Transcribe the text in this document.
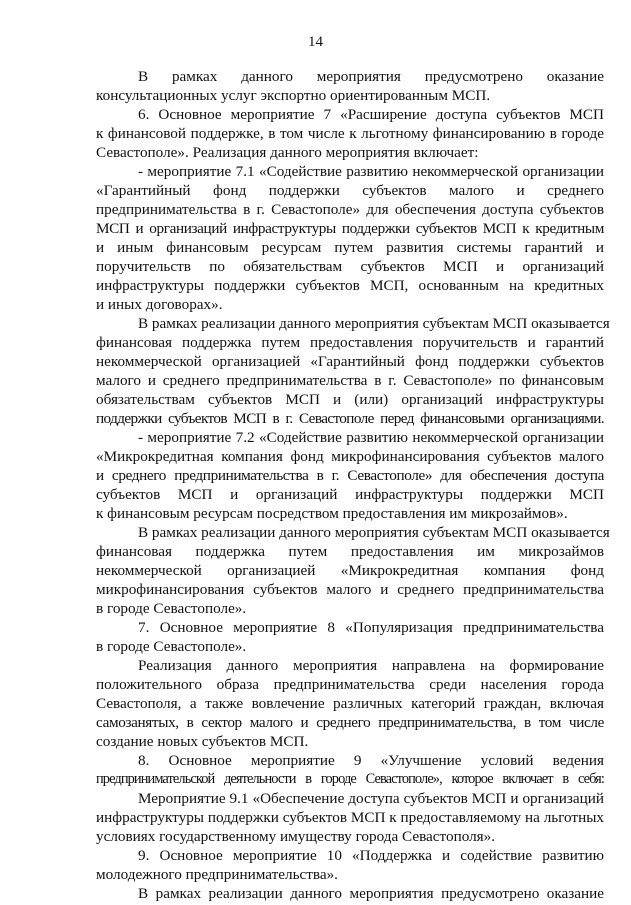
14
В рамках данного мероприятия предусмотрено оказание
консультационных услуг экспортно ориентированным МСП.
6. Основное мероприятие 7 «Расширение доступа субъектов МСП
к финансовой поддержке, в том числе к льготному финансированию в городе
Севастополе». Реализация данного мероприятия включает:
- мероприятие 7.1 «Содействие развитию некоммерческой организации
«Гарантийный фонд поддержки субъектов малого и среднего
предпринимательства в г. Севастополе» для обеспечения доступа субъектов
МСП и организаций инфраструктуры поддержки субъектов МСП к кредитным
и иным финансовым ресурсам путем развития системы гарантий и
поручительств по обязательствам субъектов МСП и организаций
инфраструктуры поддержки субъектов МСП, основанным на кредитных
и иных договорах».
В рамках реализации данного мероприятия субъектам МСП оказывается
финансовая поддержка путем предоставления поручительств и гарантий
некоммерческой организацией «Гарантийный фонд поддержки субъектов
малого и среднего предпринимательства в г. Севастополе» по финансовым
обязательствам субъектов МСП и (или) организаций инфраструктуры
поддержки субъектов МСП в г. Севастополе перед финансовыми организациями.
- мероприятие 7.2 «Содействие развитию некоммерческой организации
«Микрокредитная компания фонд микрофинансирования субъектов малого
и среднего предпринимательства в г. Севастополе» для обеспечения доступа
субъектов МСП и организаций инфраструктуры поддержки МСП
к финансовым ресурсам посредством предоставления им микрозаймов».
В рамках реализации данного мероприятия субъектам МСП оказывается
финансовая поддержка путем предоставления им микрозаймов
некоммерческой организацией «Микрокредитная компания фонд
микрофинансирования субъектов малого и среднего предпринимательства
в городе Севастополе».
7. Основное мероприятие 8 «Популяризация предпринимательства
в городе Севастополе».
Реализация данного мероприятия направлена на формирование
положительного образа предпринимательства среди населения города
Севастополя, а также вовлечение различных категорий граждан, включая
самозанятых, в сектор малого и среднего предпринимательства, в том числе
создание новых субъектов МСП.
8. Основное мероприятие 9 «Улучшение условий ведения
предпринимательской деятельности в городе Севастополе», которое включает в себя:
Мероприятие 9.1 «Обеспечение доступа субъектов МСП и организаций
инфраструктуры поддержки субъектов МСП к предоставляемому на льготных
условиях государственному имуществу города Севастополя».
9. Основное мероприятие 10 «Поддержка и содействие развитию
молодежного предпринимательства».
В рамках реализации данного мероприятия предусмотрено оказание
